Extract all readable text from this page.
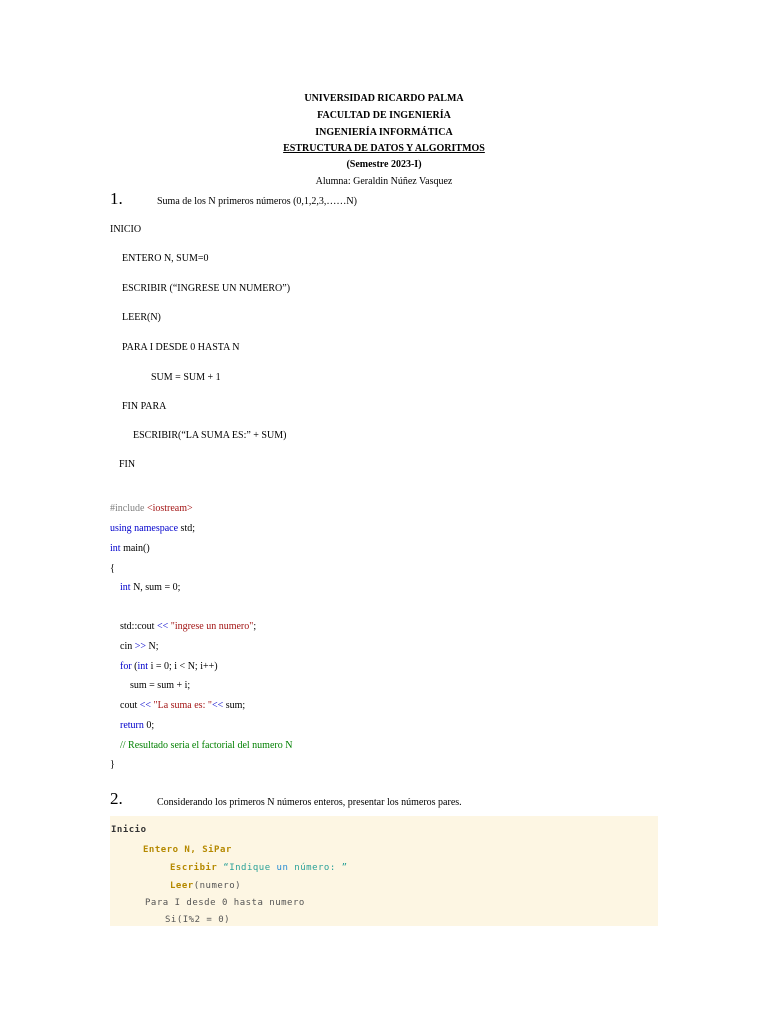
UNIVERSIDAD RICARDO PALMA
FACULTAD DE INGENIERÍA
INGENIERÍA INFORMÁTICA
ESTRUCTURA DE DATOS Y ALGORITMOS
(Semestre 2023-I)
Alumna: Geraldin Núñez Vasquez
1.	Suma de los N primeros números (0,1,2,3,……N)
INICIO
ENTERO N, SUM=0
ESCRIBIR (“INGRESE UN NUMERO”)
LEER(N)
PARA I DESDE 0 HASTA N
SUM = SUM + 1
FIN PARA
ESCRIBIR(“LA SUMA ES:” + SUM)
FIN
#include <iostream>
using namespace std;
int main()
{
int N, sum = 0;
std::cout << "ingrese un numero";
cin >> N;
for (int i = 0; i < N; i++)
sum = sum + i;
cout << "La suma es: "<< sum;
return 0;
// Resultado seria el factorial del numero N
}
2.	Considerando los primeros N números enteros, presentar los números pares.
Inicio
Entero N, SiPar
Escribir “Indique un número: ”
Leer(numero)
Para I desde 0 hasta numero
Si(I%2 = 0)
